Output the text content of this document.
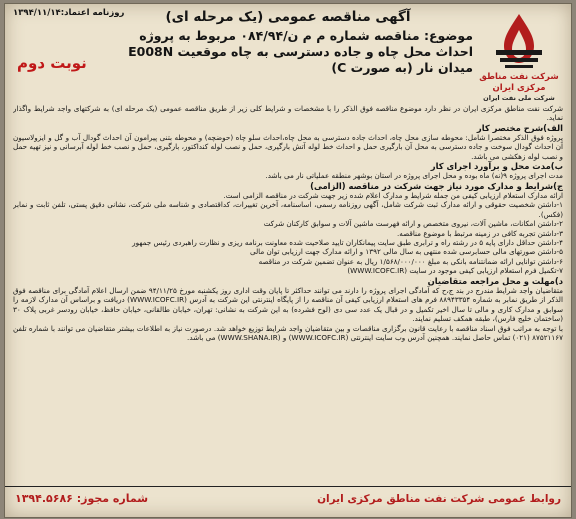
روزنامه اعتماد:۱۳۹۴/۱۱/۱۴
شرکت نفت مناطق مرکزی ایران
شرکت ملی نفت ایران
آگهی مناقصه عمومی (یک مرحله ای)
موضوع: مناقصه شماره م م ن/۰۸۴/۹۴ مربوط به پروژه احداث محل چاه و جاده دسترسی به چاه موقعیت E008N میدان نار (به صورت C)
نوبت دوم

شرکت نفت مناطق مرکزی ایران در نظر دارد موضوع مناقصه فوق الذکر را با مشخصات و شرایط کلی زیر از طریق مناقصه عمومی (یک مرحله ای) به شرکتهای واجد شرایط واگذار نماید.

الف)شرح مختصر کار

پروژه فوق الذکر مختصرا شامل: محوطه سازی محل چاه، احداث جاده دسترسی به محل چاه،احداث سلو چاه (حوضچه) و محوطه بتنی پیرامون آن احداث گودال آب و گل و ایزولاسیون آن احداث گودال سوخت و جاده دسترسی به محل آن بارگیری حمل و احداث خط لوله آتش بارگیری، حمل و نصب لوله کنداکتور، بارگیری، حمل و نصب خط لوله آبرسانی و نیز تهیه حمل و نصب لوله زهکشی می باشد.

ب)مدت محل و برآورد اجرای کار

مدت اجرای پروژه ۹(نه) ماه بوده و محل اجرای پروژه در استان بوشهر منطقه عملیاتی نار می باشد.

ج)شرایط و مدارک مورد نیاز جهت شرکت در مناقصه (الزامی)

ارائه مدارک استعلام ارزیابی کیفی من جمله شرایط و مدارک اعلام شده زیر جهت شرکت در مناقصه الزامی است.

۱-داشتن شخصیت حقوقی و ارائه مدارک ثبت شرکت شامل، آگهی روزنامه رسمی، اساسنامه، آخرین تغییرات، کداقتصادی و شناسه ملی شرکت، نشانی دقیق پستی، تلفن ثابت و نمابر (فکس).

۲-داشتن امکانات، ماشین آلات، نیروی متخصص و ارائه فهرست ماشین آلات و سوابق کارکنان شرکت

۳-داشتن تجربه کافی در زمینه مرتبط با موضوع مناقصه.

۴-داشتن حداقل دارای پایه ۵ در رشته راه و ترابری طبق سایت پیمانکاران تایید صلاحیت شده معاونت برنامه ریزی و نظارت راهبردی رئیس جمهور

۵-داشتن صورتهای مالی حسابرسی شده منتهی به سال مالی ۱۳۹۲ و ارائه مدارک جهت ارزیابی توان مالی

۶-داشتن توانایی ارائه ضمانتنامه بانکی به مبلغ ۱/۵۶۸/۰۰۰/۰۰۰ ریال به عنوان تضمین شرکت در مناقصه

۷-تکمیل فرم استعلام ارزیابی کیفی موجود در سایت (WWW.ICOFC.IR)

د)مهلت و محل مراجعه متقاضیان

متقاضیان واجد شرایط مندرج در بند ج،ح که آمادگی اجرای پروژه را دارند می توانند حداکثر تا پایان وقت اداری روز یکشنبه مورخ ۹۴/۱۱/۲۵ ضمن ارسال اعلام آمادگی برای مناقصه فوق الذکر از طریق نمابر به شماره ۸۸۹۴۳۳۵۴ فرم های استعلام ارزیابی کیفی آن مناقصه را از پایگاه اینترنتی این شرکت به آدرس (WWW.ICOFC.IR) دریافت و براساس آن مدارک لازمه را سوابق و مدارک کاری و مالی تا سال اخیر تکمیل و در قبال یک عدد سی دی (لوح فشرده) به این شرکت به نشانی: تهران، خیابان طالقانی، خیابان حافظ، خیابان رودسر غربی پلاک ۳۰ (ساختمان خلیج فارس)، طبقه همکف تسلیم نمایند.

با توجه به مراتب فوق اسناد مناقصه با رعایت قانون برگزاری مناقصات و بین متقاضیان واجد شرایط توزیع خواهد شد. درصورت نیاز به اطلاعات بیشتر متقاضیان می توانند با شماره تلفن ۸۷۵۲۱۱۶۷ (۰۲۱) تماس حاصل نمایند. همچنین آدرس وب سایت اینترنتی (WWW.ICOFC.IR) و (WWW.SHANA.IR) می باشد.

روابط عمومی شرکت نفت مناطق مرکزی ایران
شماره مجوز: ۱۳۹۴.۵۶۸۶
